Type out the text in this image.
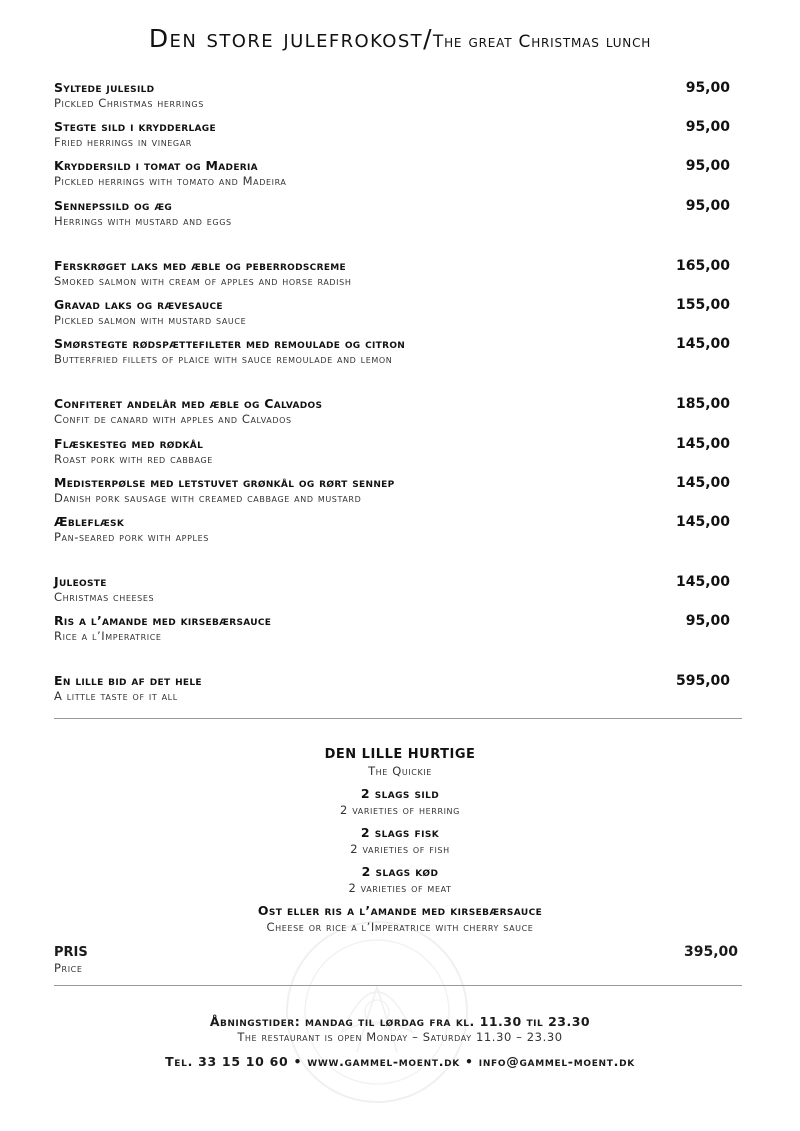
Den store julefrokost/The great Christmas lunch
Syltede julesild
Pickled Christmas herrings
95,00
Stegte sild i krydderlage
Fried herrings in vinegar
95,00
Kryddersild i tomat og Maderia
Pickled herrings with tomato and Madeira
95,00
Sennepssild og æg
Herrings with mustard and eggs
95,00
Ferskrøget laks med æble og peberrodscreme
Smoked salmon with cream of apples and horse radish
165,00
Gravad laks og rævesauce
Pickled salmon with mustard sauce
155,00
Smørstegte rødspættefileter med remoulade og citron
Butterfried fillets of plaice with sauce remoulade and lemon
145,00
Confiteret andelår med æble og Calvados
Confit de canard with apples and Calvados
185,00
Flæskesteg med rødkål
Roast pork with red cabbage
145,00
Medisterpølse med letstuvet grønkål og rørt sennep
Danish pork sausage with creamed cabbage and mustard
145,00
Æbleflæsk
Pan-seared pork with apples
145,00
Juleoste
Christmas cheeses
145,00
Ris a l’amande med kirsebærsauce
Rice a l’Imperatrice
95,00
En lille bid af det hele
A little taste of it all
595,00
DEN LILLE HURTIGE
The Quickie
2 slags sild
2 varieties of herring
2 slags fisk
2 varieties of fish
2 slags kød
2 varieties of meat
Ost eller ris a l’amande med kirsebærsauce
Cheese or rice a l’Imperatrice with cherry sauce
PRIS
Price
395,00
Åbningstider: mandag til lørdag fra kl. 11.30 til 23.30
The restaurant is open Monday – Saturday 11.30 – 23.30
Tel. 33 15 10 60 • www.gammel-moent.dk • info@gammel-moent.dk
